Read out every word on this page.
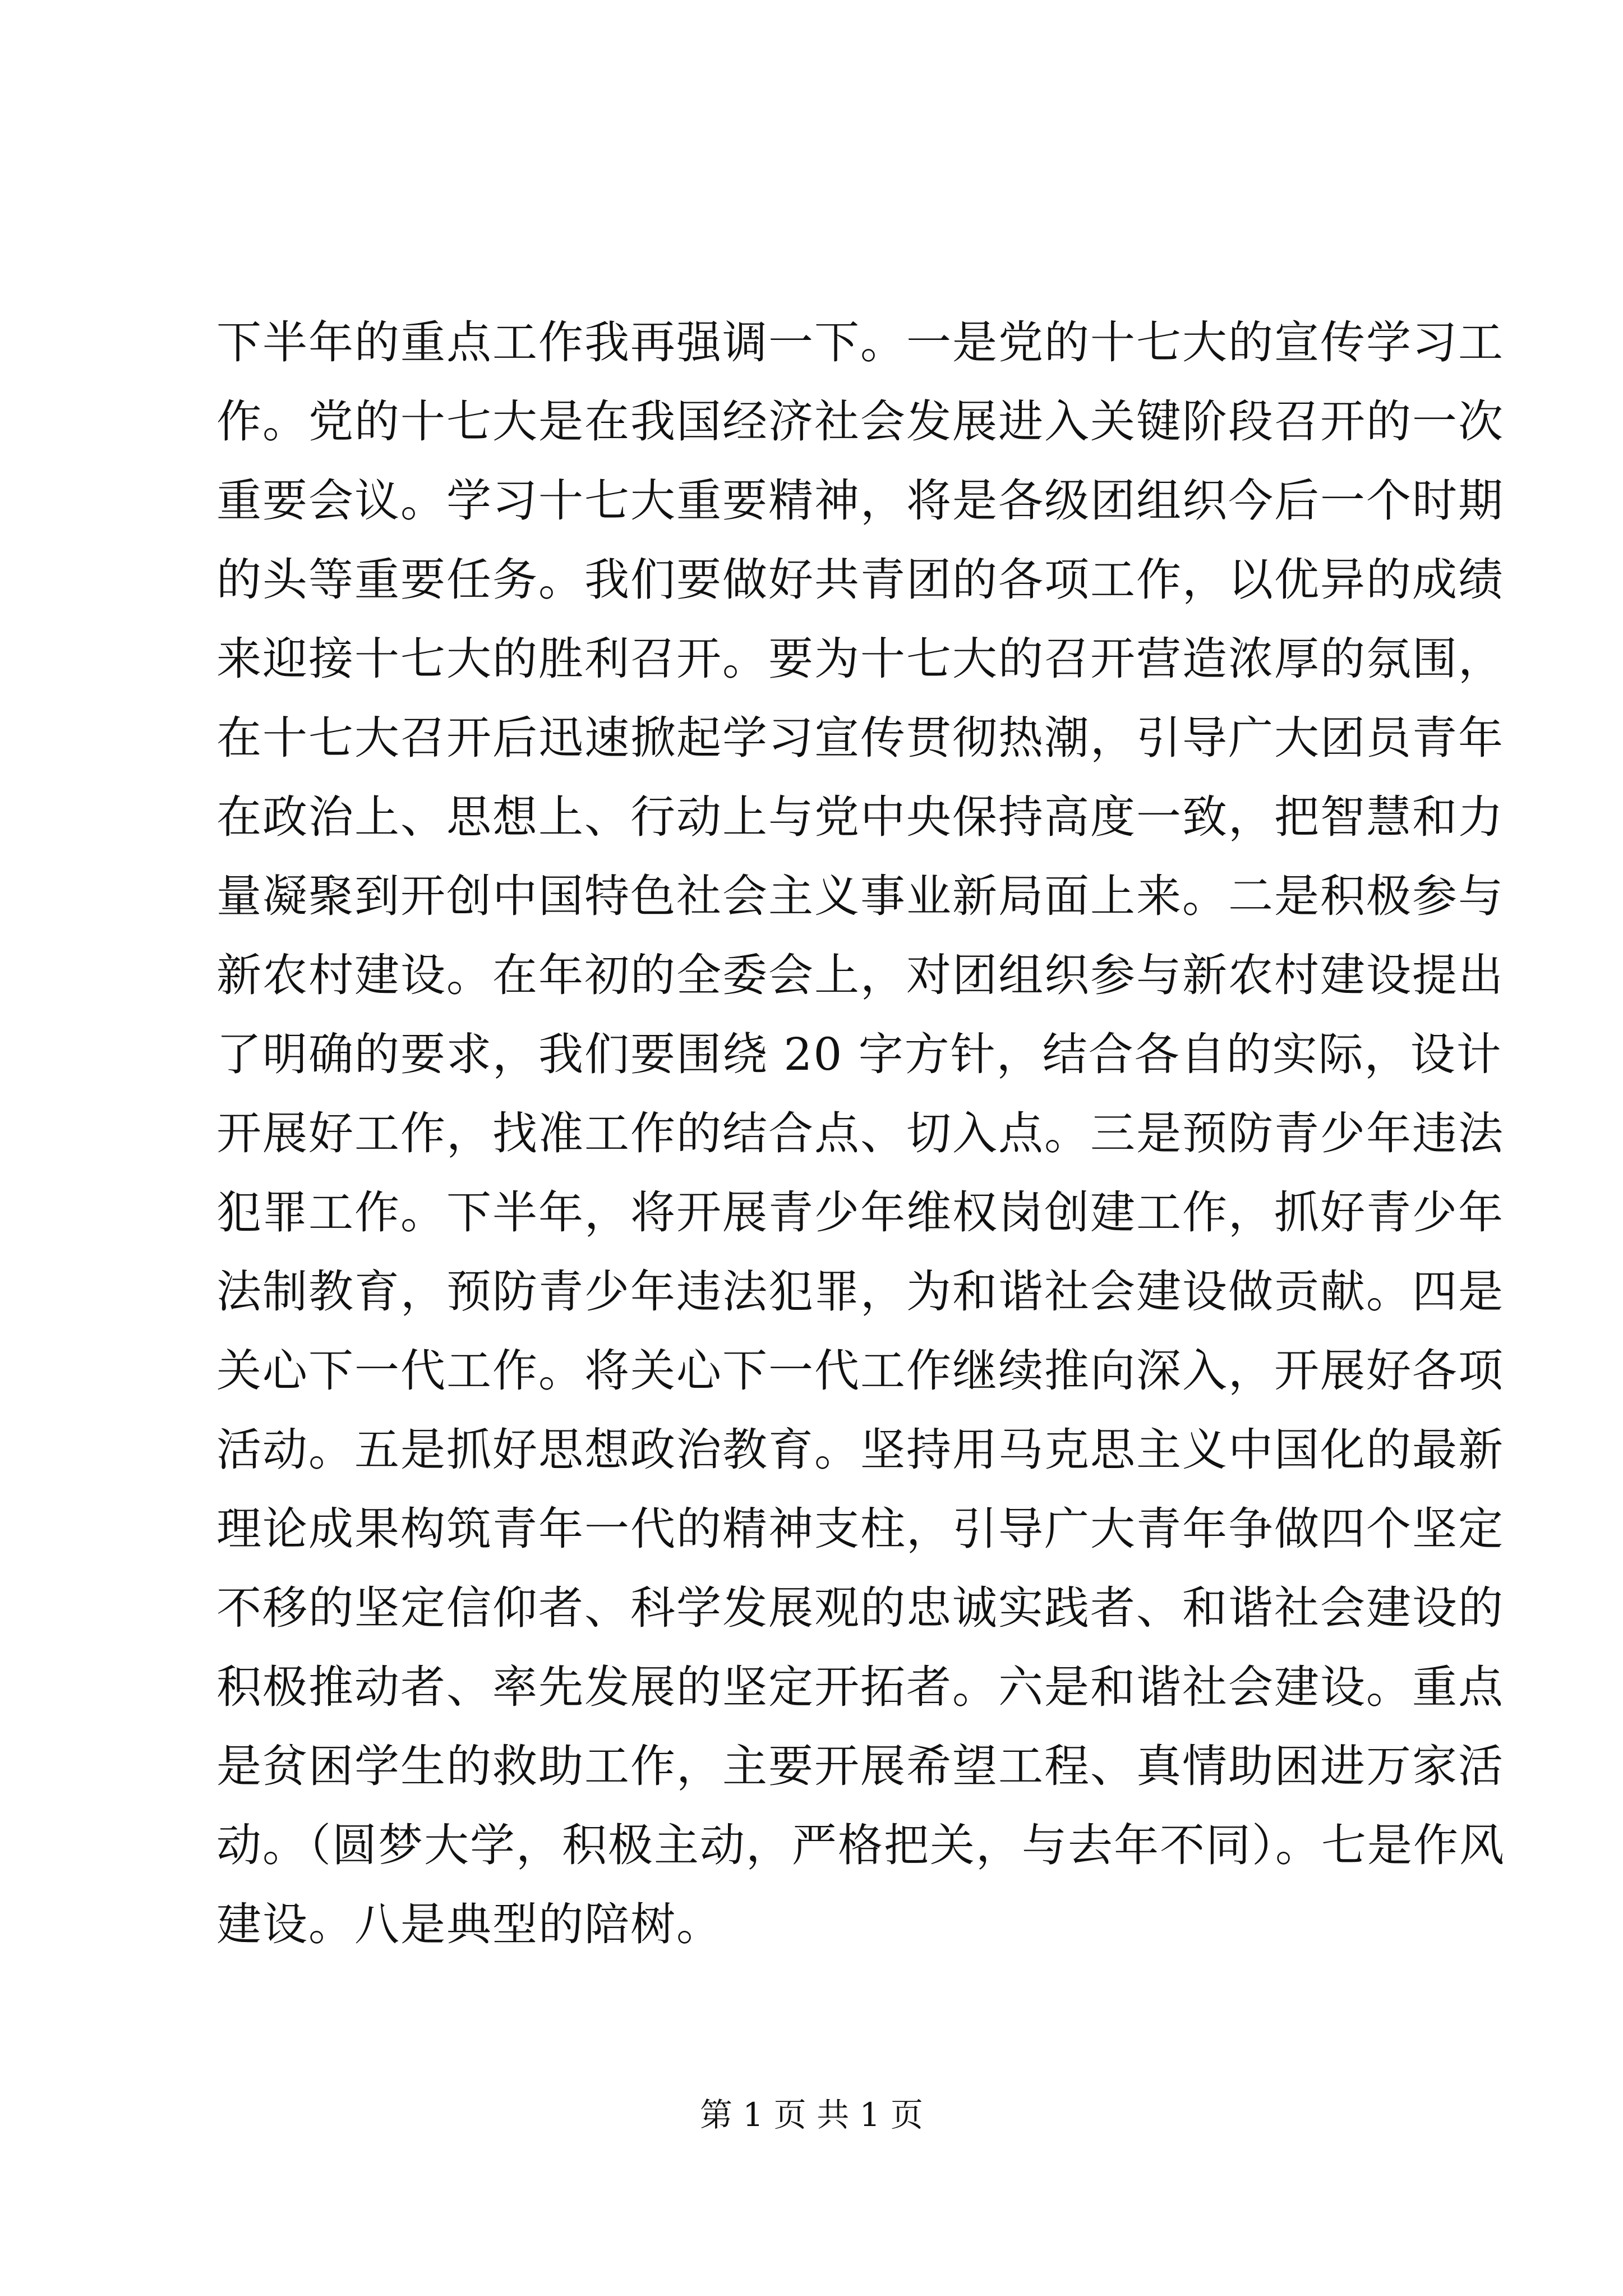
下半年的重点工作我再强调一下。一是党的十七大的宣传学习工
作。党的十七大是在我国经济社会发展进入关键阶段召开的一次
重要会议。学习十七大重要精神，将是各级团组织今后一个时期
的头等重要任务。我们要做好共青团的各项工作，以优异的成绩
来迎接十七大的胜利召开。要为十七大的召开营造浓厚的氛围，
在十七大召开后迅速掀起学习宣传贯彻热潮，引导广大团员青年
在政治上、思想上、行动上与党中央保持高度一致，把智慧和力
量凝聚到开创中国特色社会主义事业新局面上来。二是积极参与
新农村建设。在年初的全委会上，对团组织参与新农村建设提出
了明确的要求，我们要围绕 20 字方针，结合各自的实际，设计
开展好工作，找准工作的结合点、切入点。三是预防青少年违法
犯罪工作。下半年，将开展青少年维权岗创建工作，抓好青少年
法制教育，预防青少年违法犯罪，为和谐社会建设做贡献。四是
关心下一代工作。将关心下一代工作继续推向深入，开展好各项
活动。五是抓好思想政治教育。坚持用马克思主义中国化的最新
理论成果构筑青年一代的精神支柱，引导广大青年争做四个坚定
不移的坚定信仰者、科学发展观的忠诚实践者、和谐社会建设的
积极推动者、率先发展的坚定开拓者。六是和谐社会建设。重点
是贫困学生的救助工作，主要开展希望工程、真情助困进万家活
动。（圆梦大学，积极主动，严格把关，与去年不同）。七是作风
建设。八是典型的陪树。
第 1 页 共 1 页
